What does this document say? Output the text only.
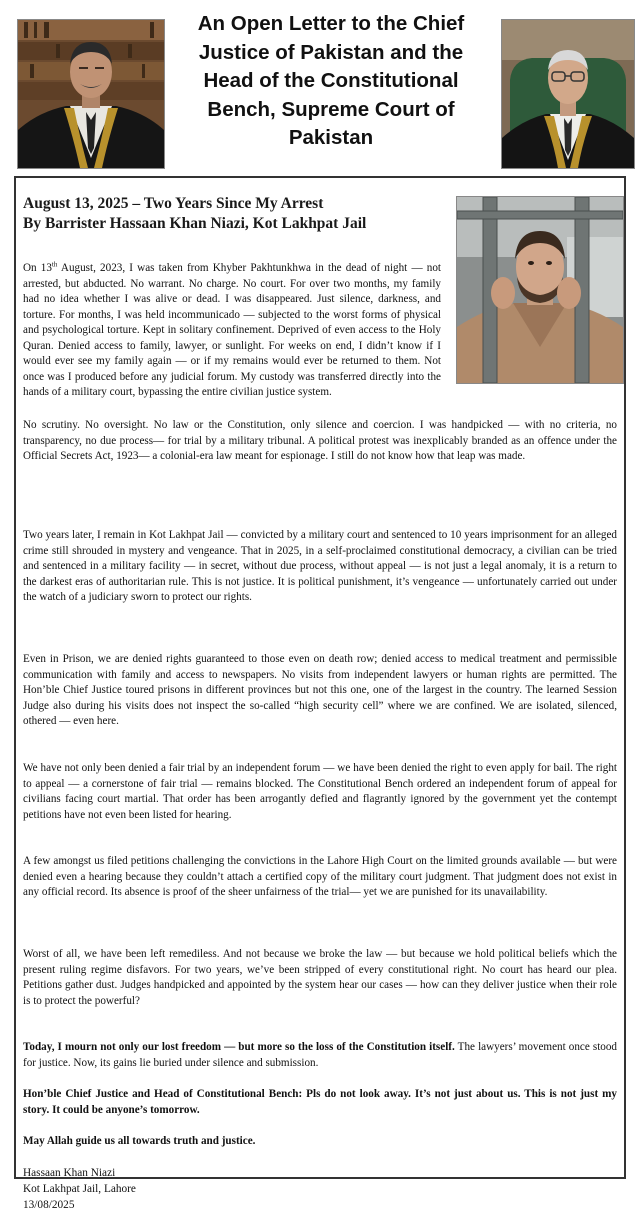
An Open Letter to the Chief Justice of Pakistan and the Head of the Constitutional Bench, Supreme Court of Pakistan
August 13, 2025 – Two Years Since My Arrest
By Barrister Hassaan Khan Niazi, Kot Lakhpat Jail

On 13th August, 2023, I was taken from Khyber Pakhtunkhwa in the dead of night — not arrested, but abducted. No warrant. No charge. No court. For over two months, my family had no idea whether I was alive or dead. I was disappeared. Just silence, darkness, and torture. For months, I was held incommunicado — subjected to the worst forms of physical and psychological torture. Kept in solitary confinement. Deprived of even access to the Holy Quran. Denied access to family, lawyer, or sunlight. For weeks on end, I didn’t know if I would ever see my family again — or if my remains would ever be returned to them. Not once was I produced before any judicial forum. My custody was transferred directly into the hands of a military court, bypassing the entire civilian justice system.

No scrutiny. No oversight. No law or the Constitution, only silence and coercion. I was handpicked — with no criteria, no transparency, no due process— for trial by a military tribunal. A political protest was inexplicably branded as an offence under the Official Secrets Act, 1923— a colonial-era law meant for espionage. I still do not know how that leap was made.

Two years later, I remain in Kot Lakhpat Jail — convicted by a military court and sentenced to 10 years imprisonment for an alleged crime still shrouded in mystery and vengeance. That in 2025, in a self-proclaimed constitutional democracy, a civilian can be tried and sentenced in a military facility — in secret, without due process, without appeal — is not just a legal anomaly, it is a return to the darkest eras of authoritarian rule. This is not justice. It is political punishment, it’s vengeance — unfortunately carried out under the watch of a judiciary sworn to protect our rights.

Even in Prison, we are denied rights guaranteed to those even on death row; denied access to medical treatment and permissible communication with family and access to newspapers. No visits from independent lawyers or human rights are permitted. The Hon’ble Chief Justice toured prisons in different provinces but not this one, one of the largest in the country. The learned Session Judge also during his visits does not inspect the so-called “high security cell” where we are confined. We are isolated, silenced, othered — even here.

We have not only been denied a fair trial by an independent forum — we have been denied the right to even apply for bail. The right to appeal — a cornerstone of fair trial — remains blocked. The Constitutional Bench ordered an independent forum of appeal for civilians facing court martial. That order has been arrogantly defied and flagrantly ignored by the government yet the contempt petitions have not even been listed for hearing.

A few amongst us filed petitions challenging the convictions in the Lahore High Court on the limited grounds available — but were denied even a hearing because they couldn’t attach a certified copy of the military court judgment. That judgment does not exist in any official record. Its absence is proof of the sheer unfairness of the trial— yet we are punished for its unavailability.

Worst of all, we have been left remediless. And not because we broke the law — but because we hold political beliefs which the present ruling regime disfavors. For two years, we’ve been stripped of every constitutional right. No court has heard our plea. Petitions gather dust. Judges handpicked and appointed by the system hear our cases — how can they deliver justice when their role is to protect the powerful?

Today, I mourn not only our lost freedom — but more so the loss of the Constitution itself. The lawyers’ movement once stood for justice. Now, its gains lie buried under silence and submission.

Hon’ble Chief Justice and Head of Constitutional Bench: Pls do not look away. It’s not just about us. This is not just my story. It could be anyone’s tomorrow.

May Allah guide us all towards truth and justice.

Hassaan Khan Niazi
Kot Lakhpat Jail, Lahore
13/08/2025
